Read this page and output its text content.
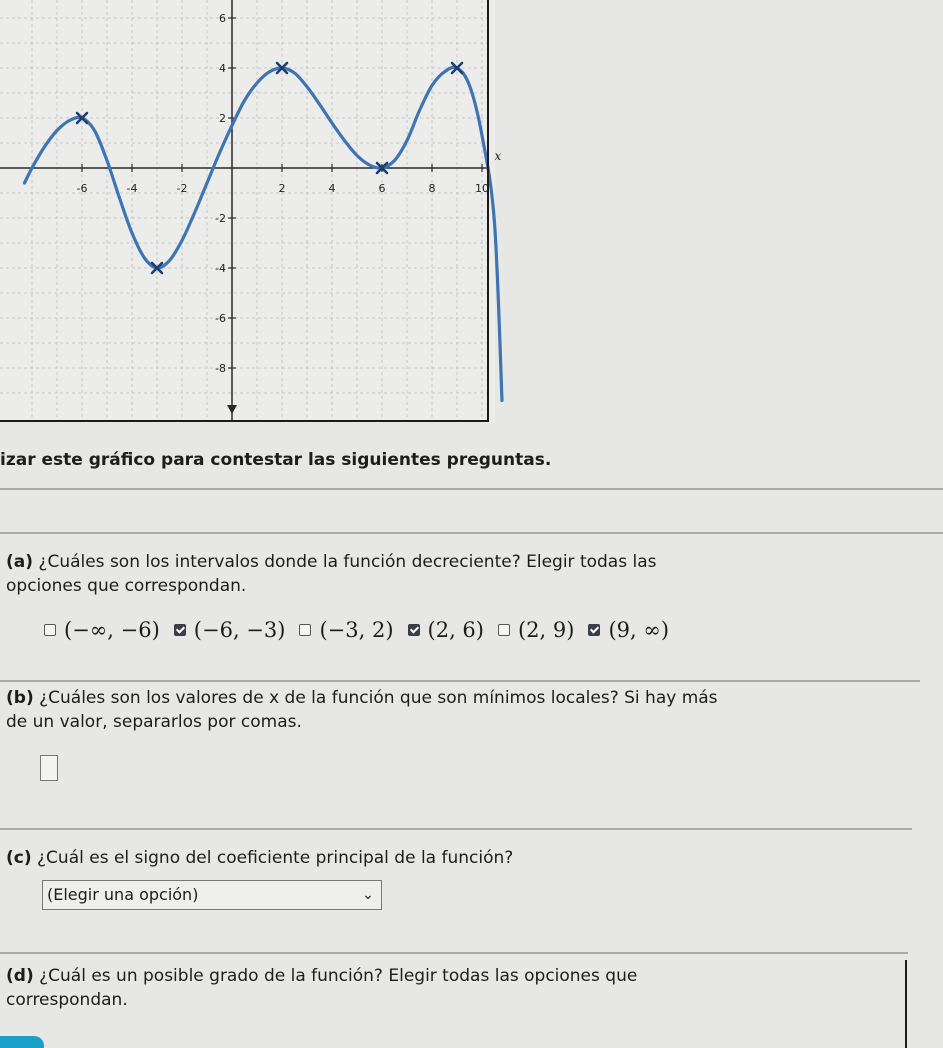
-6	-4	-2	2	4	6	8	10
6
4
2
-2
-4
-6
-8
x
izar este gráfico para contestar las siguientes preguntas.
(a) ¿Cuáles son los intervalos donde la función decreciente? Elegir todas las
opciones que correspondan.
(−∞, −6) (−6, −3) (−3, 2) (2, 6) (2, 9) (9, ∞)
(b) ¿Cuáles son los valores de x de la función que son mínimos locales? Si hay más
de un valor, separarlos por comas.
(c) ¿Cuál es el signo del coeficiente principal de la función?
(Elegir una opción)	⌄
(d) ¿Cuál es un posible grado de la función? Elegir todas las opciones que
correspondan.
